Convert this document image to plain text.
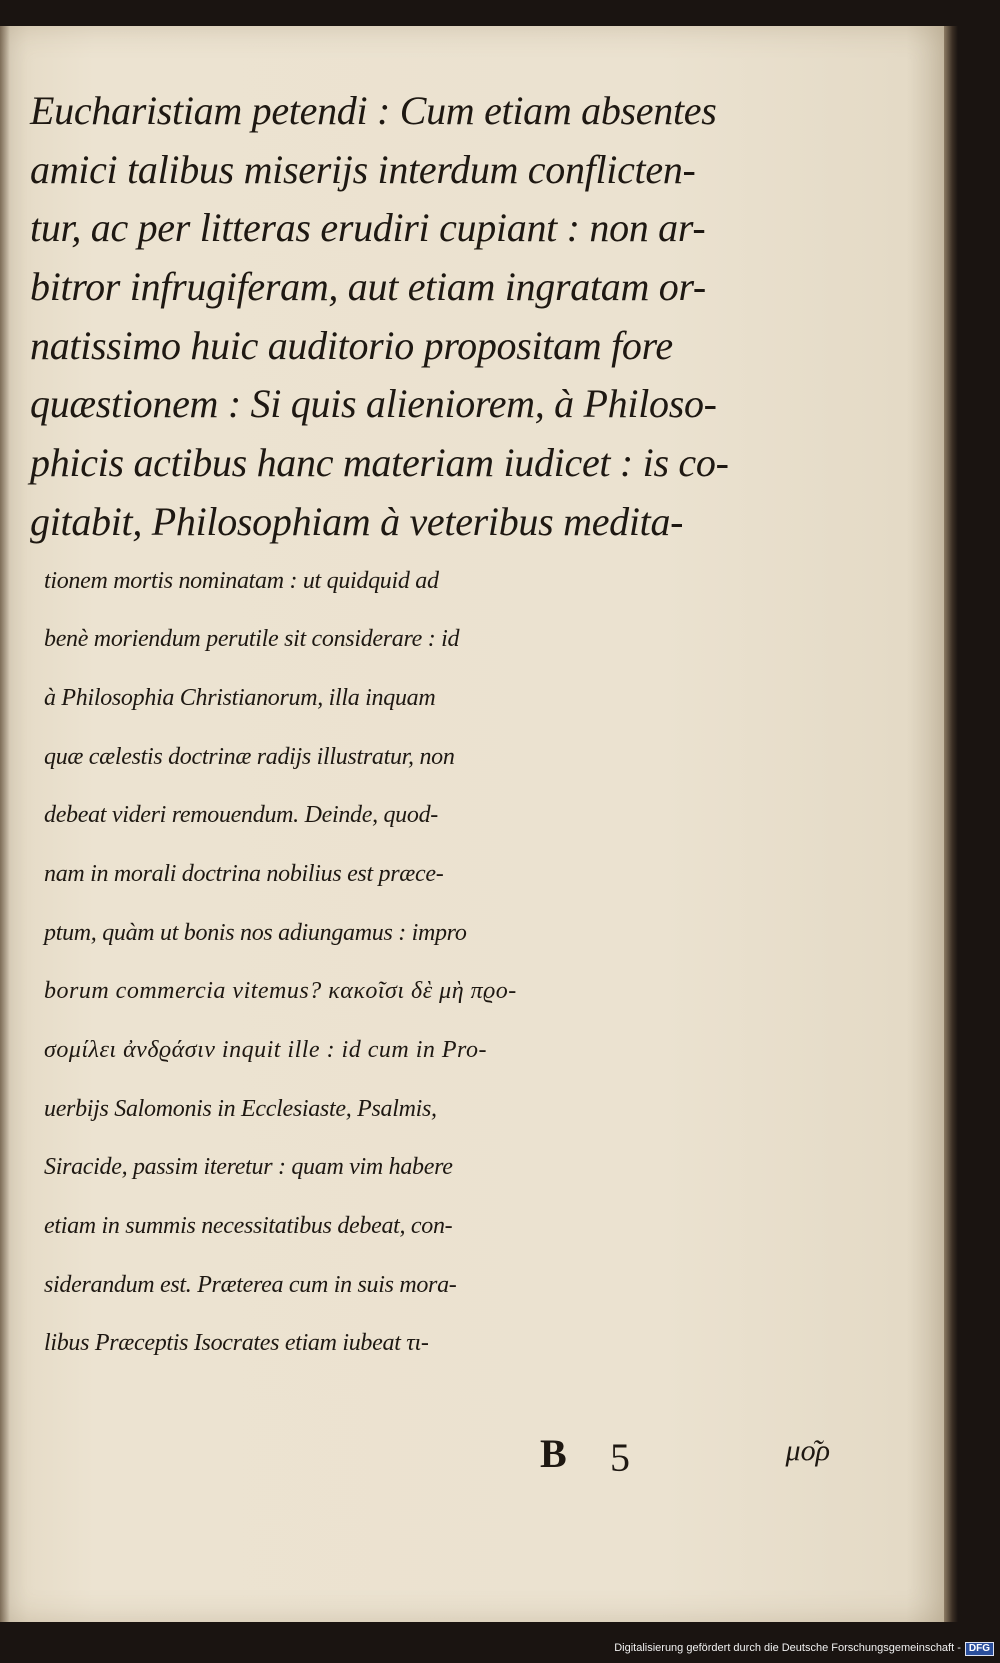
Eucharistiam petendi : Cum etiam absentes
amici talibus miserijs interdum conflicten-
tur, ac per litteras erudiri cupiant : non ar-
bitror infrugiferam, aut etiam ingratam or-
natissimo huic auditorio propositam fore
quæstionem : Si quis alieniorem, à Philoso-
phicis actibus hanc materiam iudicet : is co-
gitabit, Philosophiam à veteribus medita-
tionem mortis nominatam : ut quidquid ad
benè moriendum perutile sit considerare : id
à Philosophia Christianorum, illa inquam
quæ cælestis doctrinæ radijs illustratur, non
debeat videri remouendum. Deinde, quod-
nam in morali doctrina nobilius est præce-
ptum, quàm ut bonis nos adiungamus : impro
borum commercia vitemus? κακοῖσι δὲ μὴ πϱο-
σομίλει ἀνδϱάσιν inquit ille : id cum in Pro-
uerbijs Salomonis in Ecclesiaste, Psalmis,
Siracide, passim iteretur : quam vim habere
etiam in summis necessitatibus debeat, con-
siderandum est. Præterea cum in suis mora-
libus Præceptis Isocrates etiam iubeat τι-
B 5	μο͂ρ
Digitalisierung gefördert durch die Deutsche Forschungsgemeinschaft - DFG
